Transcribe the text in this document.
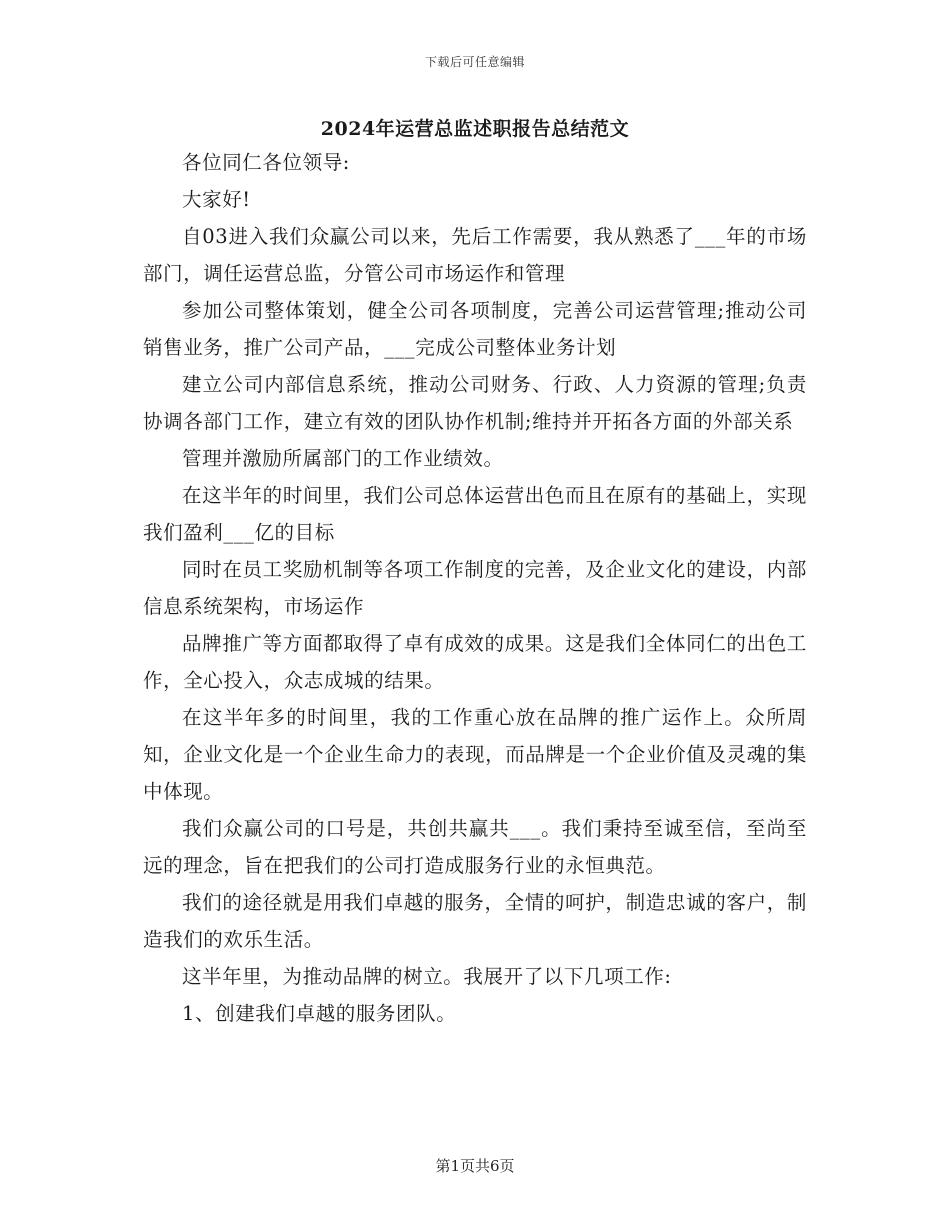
下载后可任意编辑
2024年运营总监述职报告总结范文

各位同仁各位领导:

大家好!

自03进入我们众赢公司以来，先后工作需要，我从熟悉了___年的市场部门，调任运营总监，分管公司市场运作和管理

参加公司整体策划，健全公司各项制度，完善公司运营管理;推动公司销售业务，推广公司产品，___完成公司整体业务计划

建立公司内部信息系统，推动公司财务、行政、人力资源的管理;负责协调各部门工作，建立有效的团队协作机制;维持并开拓各方面的外部关系

管理并激励所属部门的工作业绩效。

在这半年的时间里，我们公司总体运营出色而且在原有的基础上，实现我们盈利___亿的目标

同时在员工奖励机制等各项工作制度的完善，及企业文化的建设，内部信息系统架构，市场运作

品牌推广等方面都取得了卓有成效的成果。这是我们全体同仁的出色工作，全心投入，众志成城的结果。

在这半年多的时间里，我的工作重心放在品牌的推广运作上。众所周知，企业文化是一个企业生命力的表现，而品牌是一个企业价值及灵魂的集中体现。

我们众赢公司的口号是，共创共赢共___。我们秉持至诚至信，至尚至远的理念，旨在把我们的公司打造成服务行业的永恒典范。

我们的途径就是用我们卓越的服务，全情的呵护，制造忠诚的客户，制造我们的欢乐生活。

这半年里，为推动品牌的树立。我展开了以下几项工作:

1、创建我们卓越的服务团队。

第1页共6页
